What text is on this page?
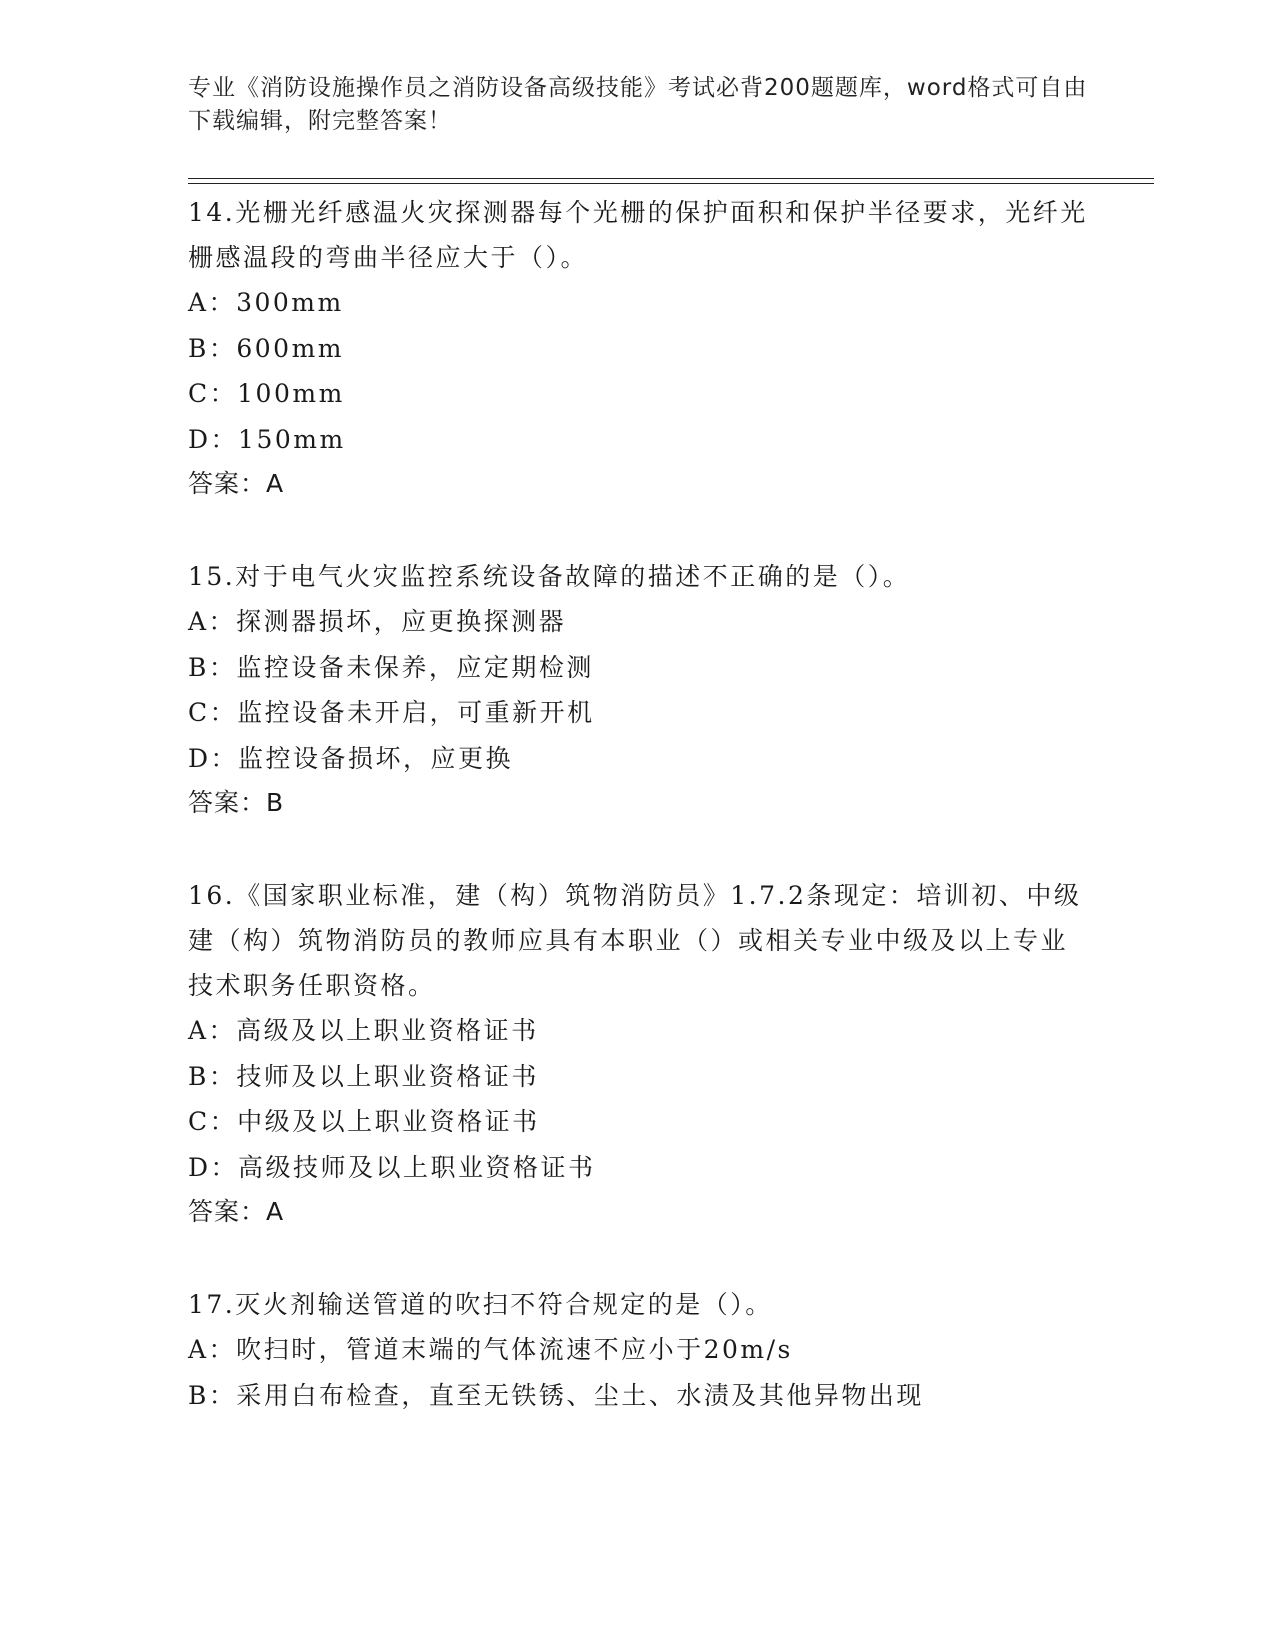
专业《消防设施操作员之消防设备高级技能》考试必背200题题库，word格式可自由下载编辑，附完整答案！

14.光栅光纤感温火灾探测器每个光栅的保护面积和保护半径要求，光纤光栅感温段的弯曲半径应大于（）。

A：300mm

B：600mm

C：100mm

D：150mm

答案：A

15.对于电气火灾监控系统设备故障的描述不正确的是（）。

A：探测器损坏，应更换探测器

B：监控设备未保养，应定期检测

C：监控设备未开启，可重新开机

D：监控设备损坏，应更换

答案：B

16.《国家职业标准，建（构）筑物消防员》1.7.2条现定：培训初、中级建（构）筑物消防员的教师应具有本职业（）或相关专业中级及以上专业技术职务任职资格。

A：高级及以上职业资格证书

B：技师及以上职业资格证书

C：中级及以上职业资格证书

D：高级技师及以上职业资格证书

答案：A

17.灭火剂输送管道的吹扫不符合规定的是（）。

A：吹扫时，管道末端的气体流速不应小于20m/s

B：采用白布检查，直至无铁锈、尘土、水渍及其他异物出现
